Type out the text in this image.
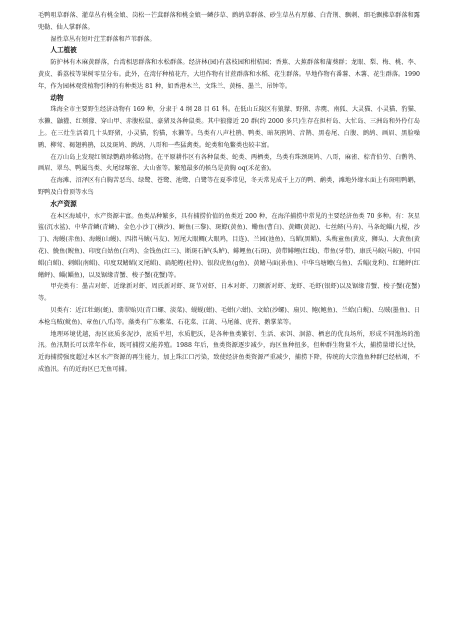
毛鸭咀草群落、灌草丛有桃金娘、岗松一芒萁群落和桃金娘一鳞莎草、鹧鸪草群落、砂生草丛有厚藤、白背荆、飘刺、细毛飘拂草群落和露兜勒、仙人掌群落。

湿性草丛有短叶茳芏群落和芦苇群落。

人工植被

防护林有木麻黄群落，台湾相思群落和水松群落。经济林(园)有荔枝园和柑桔园；香蕉、大蕉群落和蒲葵群；龙眼、梨、梅、桃、李、黄皮、番荔枝等果树零星分布。此外，在湾仔种植花卉，大坦作物有甘蔗群落和水稻、花生群落。旱地作物有番薯、木薯、花生群落。1990年，作为园林观赏植物引种的有种类达 81 种，如香港木兰、文珠兰、黄杨、墨兰、吊钟等。

动物

珠海全市主要野生经济动物有 169 种，分隶于 4 纲 28 目 61 科。在低山丘陵区有狼獴、野猪、赤麂、南狐、大灵猫、小灵猫、豹猫、水獭、鼬獾、红颊獴、穿山甲、赤腹松鼠、豪猪及各种鼠类。其中狼獴近 20 群(约 2000 多只)生存在担杆岛、大忙岛、三洲岛和外伶仃岛上。在三灶生活着几十头野猪，小灵猫，豹猫，水獭等。鸟类有八声杜鹃、鸭类、暗灰鹃鸠、音鹊、黑卷尾、白腹、鹧鸪、画眉、黑脸噪鹛、柳莺、褐翅鸦鹃，以及斑鸠、鹧鸪、八哥和一些猛禽类。蛇类和龟鳖类也较丰富。

在万山岛上发现红领绿鹦鹉珍稀动物。在平原耕作区有各种鼠类、蛇类、两栖类，鸟类有珠颈斑鸠、八哥，麻雀、棕背伯劳、白鹡鸰、画眉、翠鸟、鸭属鸟类、火尾绿啄雀、大山雀等。繁殖最多的候鸟是黄胸 oq(禾花雀)。

在海滩、沼泽区有白胸苦恶鸟、绿鹭、苍鹭、池鹭、白鹭等在夏季常见，冬天常见成千上万的鸭、鹬类，滩地外缘水面上有斑咀鸭鹕，野鸭及白骨顶等水鸟

水产资源

在本区海域中，水产资源丰富。鱼类品种繁多，具有捕捞价值的鱼类近 200 种，在海洋捕捞中常见的主要经济鱼类 70 多种。有：灰星鲨(沉水鲨)、中华青鳞(青鳞)、金色小沙丁(横沙)、鲥鱼(三黎)、斑鰶(黄鱼)、鳓鱼(曹白)、黄鲫(黄泥)、七丝鲚(马弃)、马条蛇鲻(九棍，沙丁)、海鳗(赤鱼)、海鳗(山鳗)、四指马鲅(马友)、短尾大眼鲷(大眼鸡，目连)、兰园(池鱼)、乌鲳(黑鲳)、头梅童鱼(黄皮，狮头)、大黄鱼(黄花)、鮸鱼(鲵鱼)、印度白姑鱼(白鸡)、金钱鱼(红三)、断斑石鲈(头鲈)、鲱鲤鱼(石斑)、黄带鲱鲤(红线)、带鱼(牙带)、康氏马鲛(马鲛)、中国鲳(白鲳)、刺鲳(南鲳)、印度双鳍鲳(叉尾鲳)、扁舵鲣(杜仲)、银段虎鱼(g鱼)、黄鳍马面(孙鱼)、中华乌塘鳢(乌鱼)、舌鳎(龙利)、红鳍鲆(红鳍鲆)、鲻(鲻鱼)，以及锯缘青蟹、梭子蟹(花蟹)等。

甲壳类有：墨吉对虾、近缘新对虾、周氏新对虾、斑节对虾、日本对虾、刀额新对虾、龙虾、毛虾(银虾)以及锯缘青蟹、梭子蟹(花蟹)等。

贝类有：近江牡蛎(蚝)、翡翠贻贝(青口螺、淡菜)、蚬蚬(蚶)、毛蚶(六蚶)、文蛤(沙螺)、扇贝、鲍(鲍鱼)、兰蛤(白蚬)、乌贼(墨鱼)、日本枪乌贼(鱿鱼)、章鱼(八爪)等。藻类有广东紫菜、石花菜、江蓠、马尾藻、虎苔、鹅掌菜等。

地理环境优越，海区底质多泥沙，底质平坦，水质肥沃，是各种鱼类繁衍、生活、索饵、洄游、栖息的优良场所，形成不同渔场的渔汛。鱼汛期长可以常年作业，既可捕捞又能养殖。1988 年后，鱼类资源逐步减少，海区鱼种扭多，但种群生物量不大，捕捞量增长过快，近海捕捞强度超过本区水产资源的再生能力，加上珠江口污染，致使经济鱼类资源严重减少，捕捞下降，传统的大宗渔鱼种群已经枯竭，不成渔汛。有的近海区已无鱼可捕。
